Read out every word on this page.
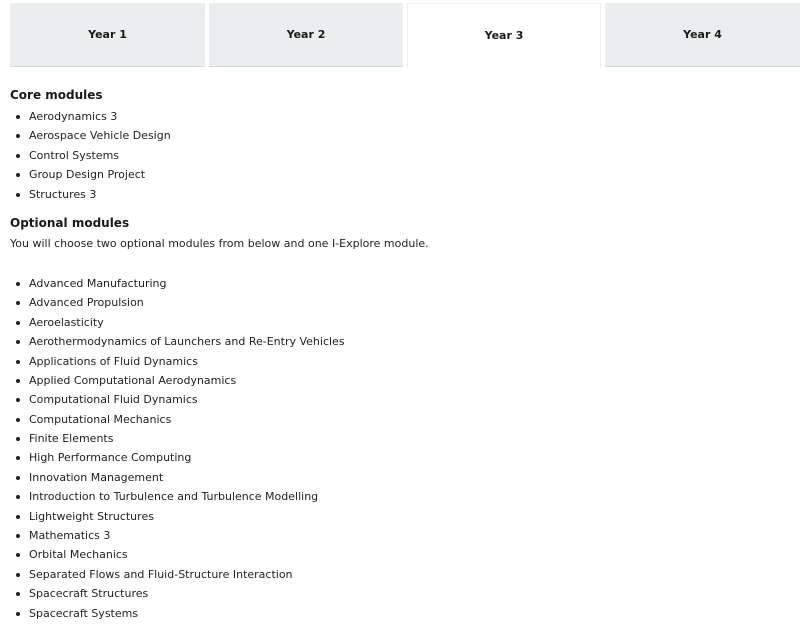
Year 1	Year 2	Year 3	Year 4
Core modules
Aerodynamics 3
Aerospace Vehicle Design
Control Systems
Group Design Project
Structures 3
Optional modules

You will choose two optional modules from below and one I-Explore module.

Advanced Manufacturing
Advanced Propulsion
Aeroelasticity
Aerothermodynamics of Launchers and Re-Entry Vehicles
Applications of Fluid Dynamics
Applied Computational Aerodynamics
Computational Fluid Dynamics
Computational Mechanics
Finite Elements
High Performance Computing
Innovation Management
Introduction to Turbulence and Turbulence Modelling
Lightweight Structures
Mathematics 3
Orbital Mechanics
Separated Flows and Fluid-Structure Interaction
Spacecraft Structures
Spacecraft Systems
